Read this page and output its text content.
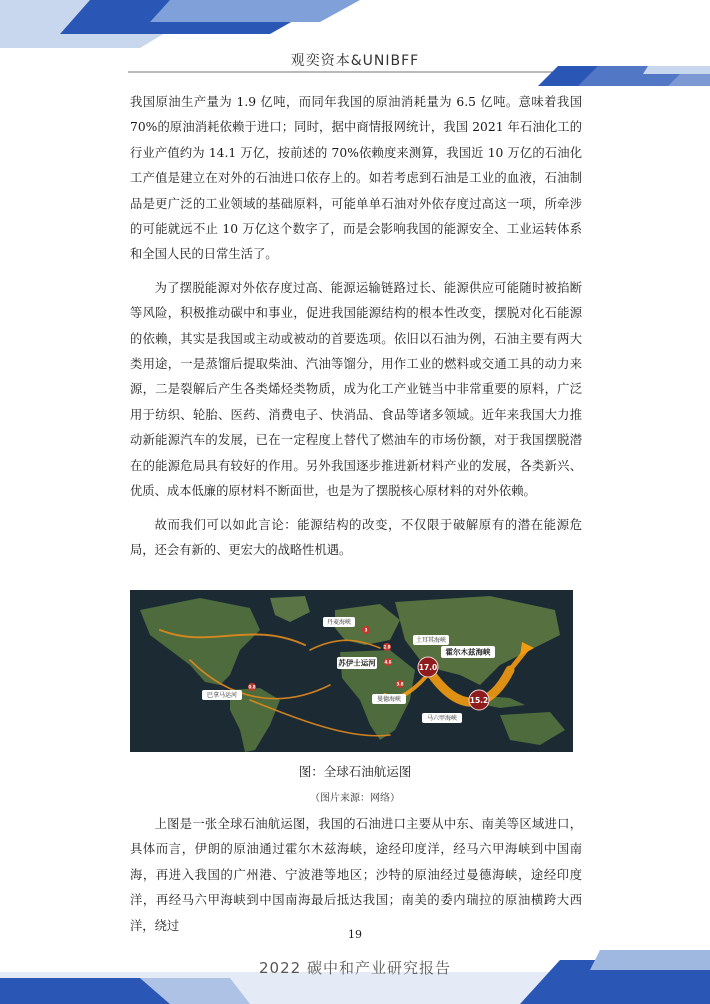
观奕资本&UNIBFF

我国原油生产量为 1.9 亿吨，而同年我国的原油消耗量为 6.5 亿吨。意味着我国 70%的原油消耗依赖于进口；同时，据中商情报网统计，我国 2021 年石油化工的行业产值约为 14.1 万亿，按前述的 70%依赖度来测算，我国近 10 万亿的石油化工产值是建立在对外的石油进口依存上的。如若考虑到石油是工业的血液，石油制品是更广泛的工业领域的基础原料，可能单单石油对外依存度过高这一项，所牵涉的可能就远不止 10 万亿这个数字了，而是会影响我国的能源安全、工业运转体系和全国人民的日常生活了。

为了摆脱能源对外依存度过高、能源运输链路过长、能源供应可能随时被掐断等风险，积极推动碳中和事业，促进我国能源结构的根本性改变，摆脱对化石能源的依赖，其实是我国或主动或被动的首要选项。依旧以石油为例，石油主要有两大类用途，一是蒸馏后提取柴油、汽油等馏分，用作工业的燃料或交通工具的动力来源，二是裂解后产生各类烯烃类物质，成为化工产业链当中非常重要的原料，广泛用于纺织、轮胎、医药、消费电子、快消品、食品等诸多领域。近年来我国大力推动新能源汽车的发展，已在一定程度上替代了燃油车的市场份额，对于我国摆脱潜在的能源危局具有较好的作用。另外我国逐步推进新材料产业的发展，各类新兴、优质、成本低廉的原材料不断面世，也是为了摆脱核心原材料的对外依赖。

故而我们可以如此言论：能源结构的改变，不仅限于破解原有的潜在能源危局，还会有新的、更宏大的战略性机遇。

3
2.9
4.6
3.8
0.8
17.0
15.2
丹麦海峡
土耳其海峡
霍尔木兹海峡
苏伊士运河
巴拿马运河
曼德海峡
马六甲海峡
图：全球石油航运图
（图片来源：网络）

上图是一张全球石油航运图，我国的石油进口主要从中东、南美等区域进口，具体而言，伊朗的原油通过霍尔木兹海峡，途经印度洋，经马六甲海峡到中国南海，再进入我国的广州港、宁波港等地区；沙特的原油经过曼德海峡，途经印度洋，再经马六甲海峡到中国南海最后抵达我国；南美的委内瑞拉的原油横跨大西洋，绕过

19
2022 碳中和产业研究报告
